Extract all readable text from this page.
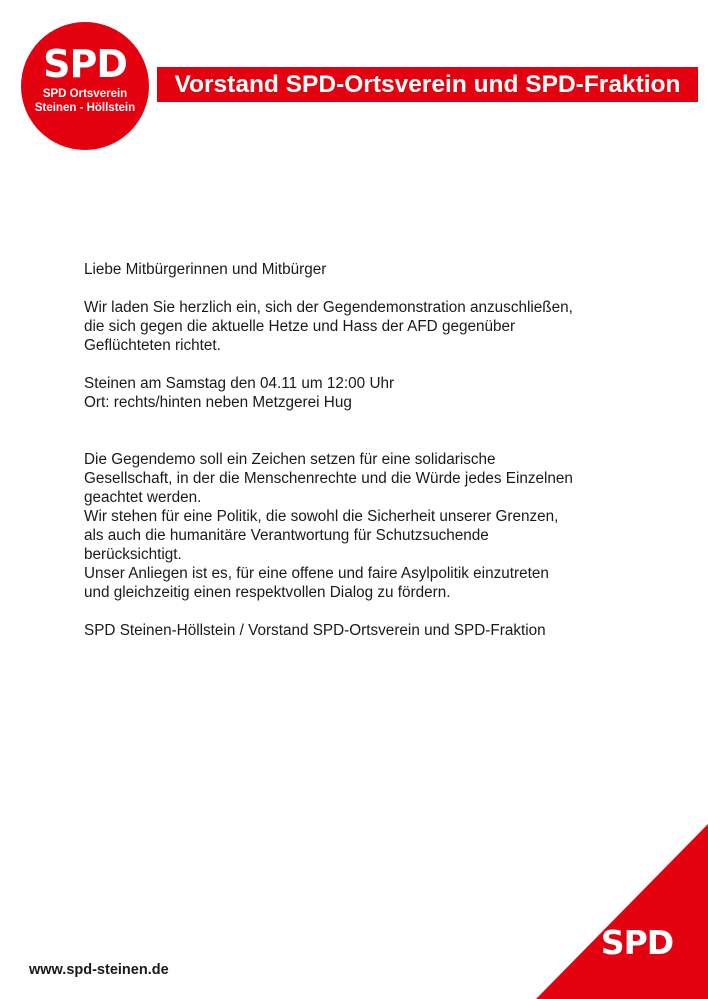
SPD
SPD Ortsverein
Steinen - Höllstein
Vorstand SPD-Ortsverein und SPD-Fraktion

Liebe Mitbürgerinnen und Mitbürger

Wir laden Sie herzlich ein, sich der Gegendemonstration anzuschließen,

die sich gegen die aktuelle Hetze und Hass der AFD gegenüber

Geflüchteten richtet.

Steinen am Samstag den 04.11 um 12:00 Uhr

Ort: rechts/hinten neben Metzgerei Hug

Die Gegendemo soll ein Zeichen setzen für eine solidarische

Gesellschaft, in der die Menschenrechte und die Würde jedes Einzelnen

geachtet werden.

Wir stehen für eine Politik, die sowohl die Sicherheit unserer Grenzen,

als auch die humanitäre Verantwortung für Schutzsuchende

berücksichtigt.

Unser Anliegen ist es, für eine offene und faire Asylpolitik einzutreten

und gleichzeitig einen respektvollen Dialog zu fördern.

SPD Steinen-Höllstein / Vorstand SPD-Ortsverein und SPD-Fraktion

SPD
www.spd-steinen.de
